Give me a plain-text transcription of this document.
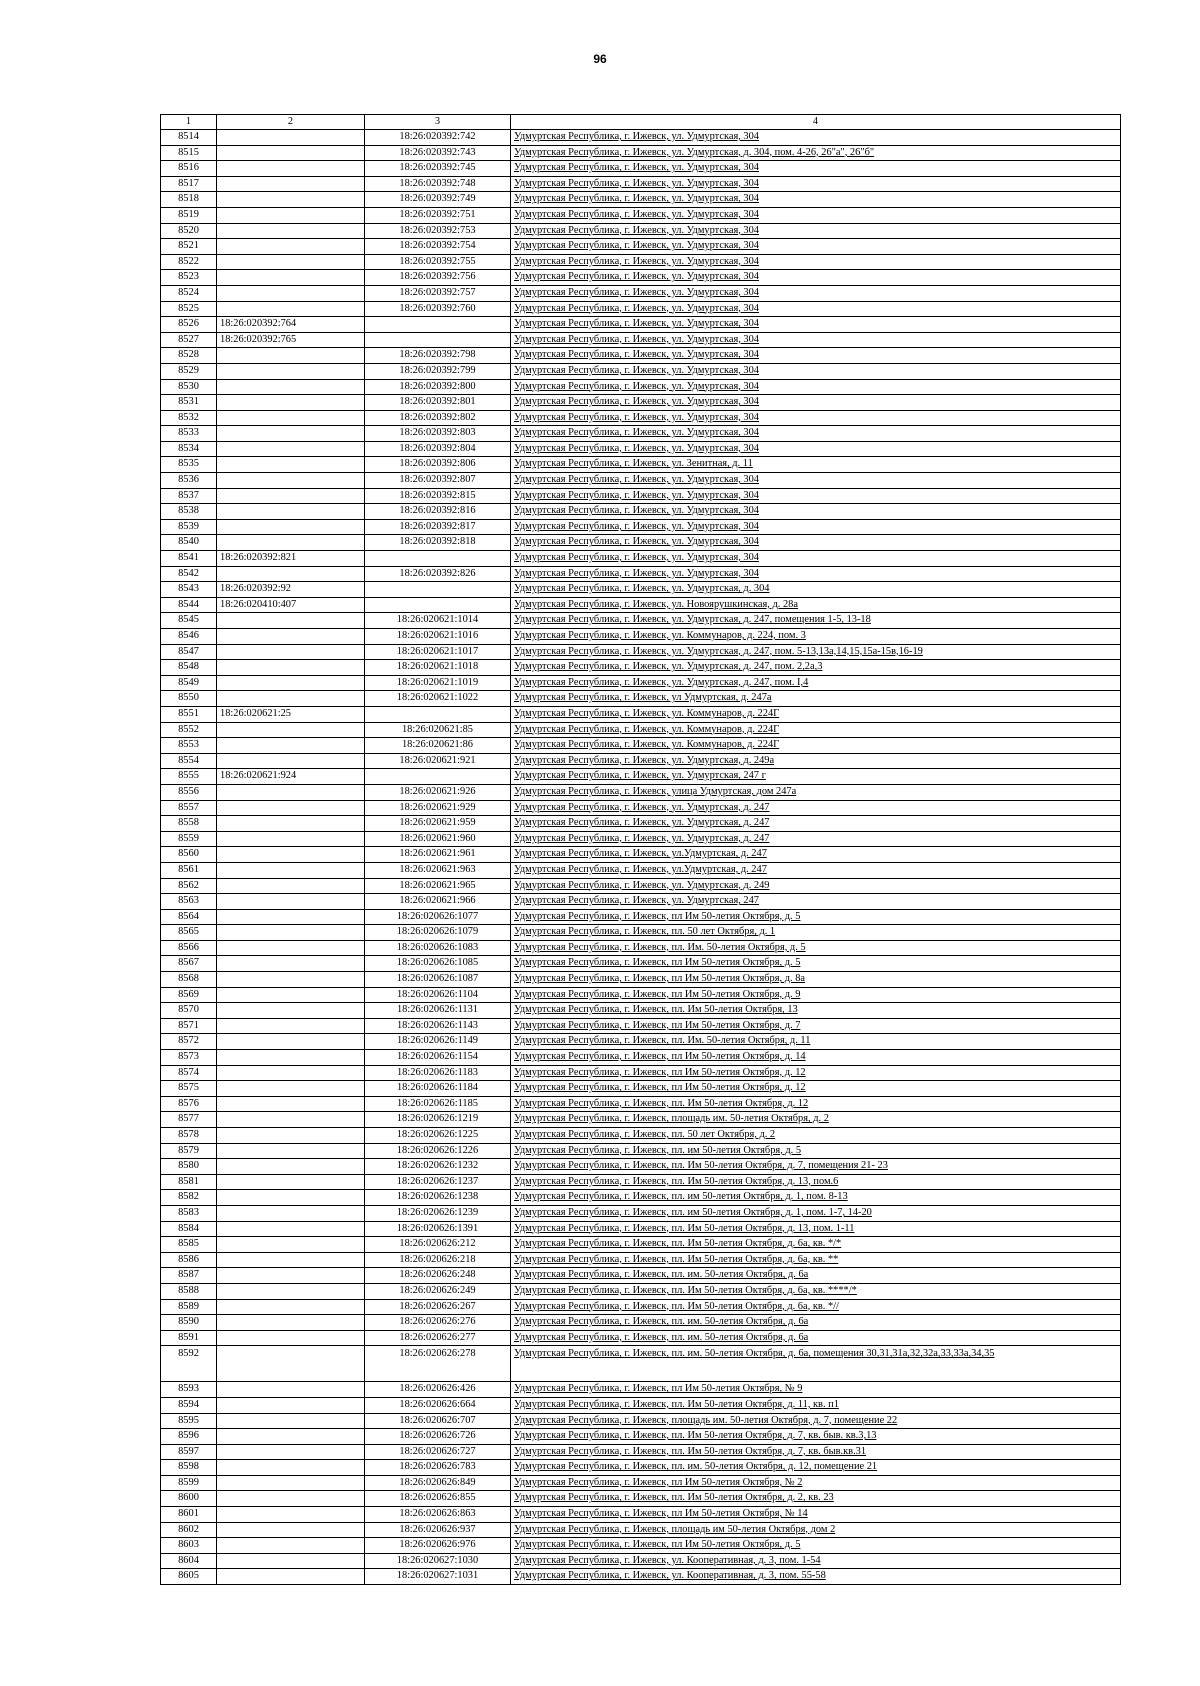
96
1	2	3	4
8514		18:26:020392:742	Удмуртская Республика, г. Ижевск, ул. Удмуртская, 304
8515		18:26:020392:743	Удмуртская Республика, г. Ижевск, ул. Удмуртская, д. 304, пом. 4-26, 26"а", 26"б"
8516		18:26:020392:745	Удмуртская Республика, г. Ижевск, ул. Удмуртская, 304
8517		18:26:020392:748	Удмуртская Республика, г. Ижевск, ул. Удмуртская, 304
8518		18:26:020392:749	Удмуртская Республика, г. Ижевск, ул. Удмуртская, 304
8519		18:26:020392:751	Удмуртская Республика, г. Ижевск, ул. Удмуртская, 304
8520		18:26:020392:753	Удмуртская Республика, г. Ижевск, ул. Удмуртская, 304
8521		18:26:020392:754	Удмуртская Республика, г. Ижевск, ул. Удмуртская, 304
8522		18:26:020392:755	Удмуртская Республика, г. Ижевск, ул. Удмуртская, 304
8523		18:26:020392:756	Удмуртская Республика, г. Ижевск, ул. Удмуртская, 304
8524		18:26:020392:757	Удмуртская Республика, г. Ижевск, ул. Удмуртская, 304
8525		18:26:020392:760	Удмуртская Республика, г. Ижевск, ул. Удмуртская, 304
8526	18:26:020392:764		Удмуртская Республика, г. Ижевск, ул. Удмуртская, 304
8527	18:26:020392:765		Удмуртская Республика, г. Ижевск, ул. Удмуртская, 304
8528		18:26:020392:798	Удмуртская Республика, г. Ижевск, ул. Удмуртская, 304
8529		18:26:020392:799	Удмуртская Республика, г. Ижевск, ул. Удмуртская, 304
8530		18:26:020392:800	Удмуртская Республика, г. Ижевск, ул. Удмуртская, 304
8531		18:26:020392:801	Удмуртская Республика, г. Ижевск, ул. Удмуртская, 304
8532		18:26:020392:802	Удмуртская Республика, г. Ижевск, ул. Удмуртская, 304
8533		18:26:020392:803	Удмуртская Республика, г. Ижевск, ул. Удмуртская, 304
8534		18:26:020392:804	Удмуртская Республика, г. Ижевск, ул. Удмуртская, 304
8535		18:26:020392:806	Удмуртская Республика, г. Ижевск, ул. Зенитная, д. 11
8536		18:26:020392:807	Удмуртская Республика, г. Ижевск, ул. Удмуртская, 304
8537		18:26:020392:815	Удмуртская Республика, г. Ижевск, ул. Удмуртская, 304
8538		18:26:020392:816	Удмуртская Республика, г. Ижевск, ул. Удмуртская, 304
8539		18:26:020392:817	Удмуртская Республика, г. Ижевск, ул. Удмуртская, 304
8540		18:26:020392:818	Удмуртская Республика, г. Ижевск, ул. Удмуртская, 304
8541	18:26:020392:821		Удмуртская Республика, г. Ижевск, ул. Удмуртская, 304
8542		18:26:020392:826	Удмуртская Республика, г. Ижевск, ул. Удмуртская, 304
8543	18:26:020392:92		Удмуртская Республика, г. Ижевск, ул. Удмуртская, д. 304
8544	18:26:020410:407		Удмуртская Республика, г. Ижевск, ул. Новоярушкинская, д. 28а
8545		18:26:020621:1014	Удмуртская Республика, г. Ижевск, ул. Удмуртская, д. 247, помещения 1-5, 13-18
8546		18:26:020621:1016	Удмуртская Республика, г. Ижевск, ул. Коммунаров, д. 224, пом. 3
8547		18:26:020621:1017	Удмуртская Республика, г. Ижевск, ул. Удмуртская, д. 247, пом. 5-13,13а,14,15,15а-15в,16-19
8548		18:26:020621:1018	Удмуртская Республика, г. Ижевск, ул. Удмуртская, д. 247, пом. 2,2а,3
8549		18:26:020621:1019	Удмуртская Республика, г. Ижевск, ул. Удмуртская, д. 247, пом. I,4
8550		18:26:020621:1022	Удмуртская Республика, г. Ижевск, ул Удмуртская, д. 247а
8551	18:26:020621:25		Удмуртская Республика, г. Ижевск, ул. Коммунаров, д. 224Г
8552		18:26:020621:85	Удмуртская Республика, г. Ижевск, ул. Коммунаров, д. 224Г
8553		18:26:020621:86	Удмуртская Республика, г. Ижевск, ул. Коммунаров, д. 224Г
8554		18:26:020621:921	Удмуртская Республика, г. Ижевск, ул. Удмуртская, д. 249а
8555	18:26:020621:924		Удмуртская Республика, г. Ижевск, ул. Удмуртская, 247 г
8556		18:26:020621:926	Удмуртская Республика, г. Ижевск, улица Удмуртская, дом 247а
8557		18:26:020621:929	Удмуртская Республика, г. Ижевск, ул. Удмуртская, д. 247
8558		18:26:020621:959	Удмуртская Республика, г. Ижевск, ул. Удмуртская, д. 247
8559		18:26:020621:960	Удмуртская Республика, г. Ижевск, ул. Удмуртская, д. 247
8560		18:26:020621:961	Удмуртская Республика, г. Ижевск, ул.Удмуртская, д. 247
8561		18:26:020621:963	Удмуртская Республика, г. Ижевск, ул.Удмуртская, д. 247
8562		18:26:020621:965	Удмуртская Республика, г. Ижевск, ул. Удмуртская, д. 249
8563		18:26:020621:966	Удмуртская Республика, г. Ижевск, ул. Удмуртская, 247
8564		18:26:020626:1077	Удмуртская Республика, г. Ижевск, пл Им 50-летия Октября, д. 5
8565		18:26:020626:1079	Удмуртская Республика, г. Ижевск, пл. 50 лет Октября, д. 1
8566		18:26:020626:1083	Удмуртская Республика, г. Ижевск, пл. Им. 50-летия Октября, д. 5
8567		18:26:020626:1085	Удмуртская Республика, г. Ижевск, пл Им 50-летия Октября, д. 5
8568		18:26:020626:1087	Удмуртская Республика, г. Ижевск, пл Им 50-летия Октября, д. 8а
8569		18:26:020626:1104	Удмуртская Республика, г. Ижевск, пл Им 50-летия Октября, д. 9
8570		18:26:020626:1131	Удмуртская Республика, г. Ижевск, пл. Им 50-летия Октября, 13
8571		18:26:020626:1143	Удмуртская Республика, г. Ижевск, пл Им 50-летия Октября, д. 7
8572		18:26:020626:1149	Удмуртская Республика, г. Ижевск, пл. Им. 50-летия Октября, д. 11
8573		18:26:020626:1154	Удмуртская Республика, г. Ижевск, пл Им 50-летия Октября, д. 14
8574		18:26:020626:1183	Удмуртская Республика, г. Ижевск, пл Им 50-летия Октября, д. 12
8575		18:26:020626:1184	Удмуртская Республика, г. Ижевск, пл Им 50-летия Октября, д. 12
8576		18:26:020626:1185	Удмуртская Республика, г. Ижевск, пл. Им 50-летия Октября, д. 12
8577		18:26:020626:1219	Удмуртская Республика, г. Ижевск, площадь им. 50-летия Октября, д. 2
8578		18:26:020626:1225	Удмуртская Республика, г. Ижевск, пл. 50 лет Октября, д. 2
8579		18:26:020626:1226	Удмуртская Республика, г. Ижевск, пл. им 50-летия Октября, д. 5
8580		18:26:020626:1232	Удмуртская Республика, г. Ижевск, пл. Им 50-летия Октября, д. 7, помещения 21- 23
8581		18:26:020626:1237	Удмуртская Республика, г. Ижевск, пл. Им 50-летия Октября, д. 13, пом.6
8582		18:26:020626:1238	Удмуртская Республика, г. Ижевск, пл. им 50-летия Октября, д. 1, пом. 8-13
8583		18:26:020626:1239	Удмуртская Республика, г. Ижевск, пл. им 50-летия Октября, д. 1, пом. 1-7, 14-20
8584		18:26:020626:1391	Удмуртская Республика, г. Ижевск, пл. Им 50-летия Октября, д. 13, пом. 1-11
8585		18:26:020626:212	Удмуртская Республика, г. Ижевск, пл. Им 50-летия Октября, д. 6а, кв. */*
8586		18:26:020626:218	Удмуртская Республика, г. Ижевск, пл. Им 50-летия Октября, д. 6а, кв. **
8587		18:26:020626:248	Удмуртская Республика, г. Ижевск, пл. им. 50-летия Октября, д. 6а
8588		18:26:020626:249	Удмуртская Республика, г. Ижевск, пл. Им 50-летия Октября, д. 6а, кв. ****/*
8589		18:26:020626:267	Удмуртская Республика, г. Ижевск, пл. Им 50-летия Октября, д. 6а, кв. *//
8590		18:26:020626:276	Удмуртская Республика, г. Ижевск, пл. им. 50-летия Октября, д. 6а
8591		18:26:020626:277	Удмуртская Республика, г. Ижевск, пл. им. 50-летия Октября, д. 6а
8592		18:26:020626:278	Удмуртская Республика, г. Ижевск, пл. им. 50-летия Октября, д. 6а, помещения 30,31,31а,32,32а,33,33а,34,35
8593		18:26:020626:426	Удмуртская Республика, г. Ижевск, пл Им 50-летия Октября, № 9
8594		18:26:020626:664	Удмуртская Республика, г. Ижевск, пл. Им 50-летия Октября, д. 11, кв. п1
8595		18:26:020626:707	Удмуртская Республика, г. Ижевск, площадь им. 50-летия Октября, д. 7, помещение 22
8596		18:26:020626:726	Удмуртская Республика, г. Ижевск, пл. Им 50-летия Октября, д. 7, кв. быв. кв.3,13
8597		18:26:020626:727	Удмуртская Республика, г. Ижевск, пл. Им 50-летия Октября, д. 7, кв. быв.кв.31
8598		18:26:020626:783	Удмуртская Республика, г. Ижевск, пл. им. 50-летия Октября, д. 12, помещение 21
8599		18:26:020626:849	Удмуртская Республика, г. Ижевск, пл Им 50-летия Октября, № 2
8600		18:26:020626:855	Удмуртская Республика, г. Ижевск, пл. Им 50-летия Октября, д. 2, кв. 23
8601		18:26:020626:863	Удмуртская Республика, г. Ижевск, пл Им 50-летия Октября, № 14
8602		18:26:020626:937	Удмуртская Республика, г. Ижевск, площадь им 50-летия Октября, дом 2
8603		18:26:020626:976	Удмуртская Республика, г. Ижевск, пл Им 50-летия Октября, д. 5
8604		18:26:020627:1030	Удмуртская Республика, г. Ижевск, ул. Кооперативная, д. 3, пом. 1-54
8605		18:26:020627:1031	Удмуртская Республика, г. Ижевск, ул. Кооперативная, д. 3, пом. 55-58
